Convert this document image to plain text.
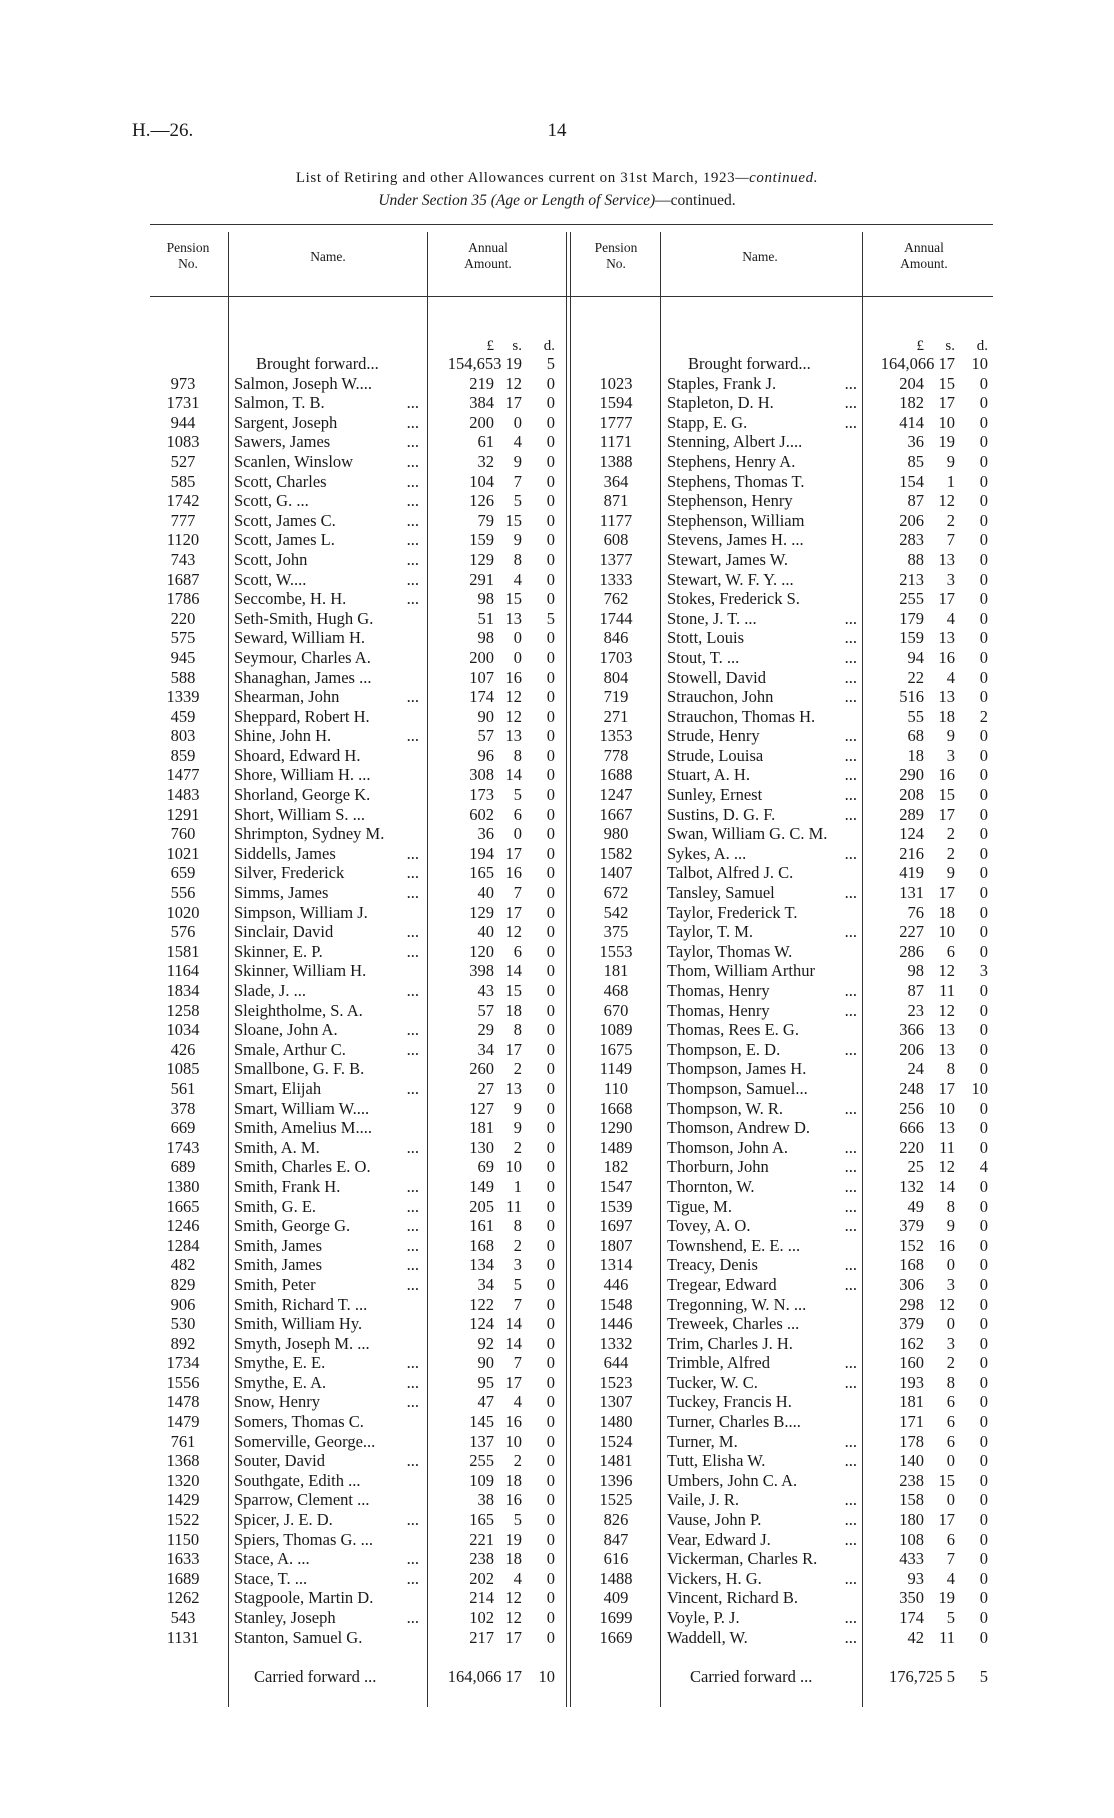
H.—26.	14
List of Retiring and other Allowances current on 31st March, 1923—continued.
Under Section 35 (Age or Length of Service)—continued.
Pension
No.	Name.
Annual
Amount.
Pension
No.	Name.
Annual
Amount.
£	s.	d.	£	s.	d.
Brought forward...	154,653 19	5	Brought forward...	164,066 17	10
973	Salmon, Joseph W....	219 12	0	1023	Staples, Frank J.	...	204 15	0
1731	Salmon, T. B.	...	384 17	0	1594	Stapleton, D. H.	...	182 17	0
944	Sargent, Joseph	...	200	0	0	1777	Stapp, E. G.	...	414 10	0
1083	Sawers, James	...	61	4	0	1171	Stenning, Albert J....	36 19	0
527	Scanlen, Winslow	...	32	9	0	1388	Stephens, Henry A.	85	9	0
585	Scott, Charles	...	104	7	0	364	Stephens, Thomas T.	154	1	0
1742	Scott, G. ...	...	126	5	0	871	Stephenson, Henry	87 12	0
777	Scott, James C.	...	79 15	0	1177	Stephenson, William	206	2	0
1120	Scott, James L.	...	159	9	0	608	Stevens, James H. ...	283	7	0
743	Scott, John	...	129	8	0	1377	Stewart, James W.	88 13	0
1687	Scott, W....	...	291	4	0	1333	Stewart, W. F. Y. ...	213	3	0
1786	Seccombe, H. H.	...	98 15	0	762	Stokes, Frederick S.	255 17	0
220	Seth-Smith, Hugh G.	51 13	5	1744	Stone, J. T. ...	...	179	4	0
575	Seward, William H.	98	0	0	846	Stott, Louis	...	159 13	0
945	Seymour, Charles A.	200	0	0	1703	Stout, T. ...	...	94 16	0
588	Shanaghan, James ...	107 16	0	804	Stowell, David	...	22	4	0
1339	Shearman, John	...	174 12	0	719	Strauchon, John	...	516 13	0
459	Sheppard, Robert H.	90 12	0	271	Strauchon, Thomas H.	55 18	2
803	Shine, John H.	...	57 13	0	1353	Strude, Henry	...	68	9	0
859	Shoard, Edward H.	96	8	0	778	Strude, Louisa	...	18	3	0
1477	Shore, William H. ...	308 14	0	1688	Stuart, A. H.	...	290 16	0
1483	Shorland, George K.	173	5	0	1247	Sunley, Ernest	...	208 15	0
1291	Short, William S. ...	602	6	0	1667	Sustins, D. G. F.	...	289 17	0
760	Shrimpton, Sydney M.	36	0	0	980	Swan, William G. C. M.	124	2	0
1021	Siddells, James	...	194 17	0	1582	Sykes, A. ...	...	216	2	0
659	Silver, Frederick	...	165 16	0	1407	Talbot, Alfred J. C.	419	9	0
556	Simms, James	...	40	7	0	672	Tansley, Samuel	...	131 17	0
1020	Simpson, William J.	129 17	0	542	Taylor, Frederick T.	76 18	0
576	Sinclair, David	...	40 12	0	375	Taylor, T. M.	...	227 10	0
1581	Skinner, E. P.	...	120	6	0	1553	Taylor, Thomas W.	286	6	0
1164	Skinner, William H.	398 14	0	181	Thom, William Arthur	98 12	3
1834	Slade, J. ...	...	43 15	0	468	Thomas, Henry	...	87 11	0
1258	Sleightholme, S. A.	57 18	0	670	Thomas, Henry	...	23 12	0
1034	Sloane, John A.	...	29	8	0	1089	Thomas, Rees E. G.	366 13	0
426	Smale, Arthur C.	...	34 17	0	1675	Thompson, E. D.	...	206 13	0
1085	Smallbone, G. F. B.	260	2	0	1149	Thompson, James H.	24	8	0
561	Smart, Elijah	...	27 13	0	110	Thompson, Samuel...	248 17	10
378	Smart, William W....	127	9	0	1668	Thompson, W. R.	...	256 10	0
669	Smith, Amelius M....	181	9	0	1290	Thomson, Andrew D.	666 13	0
1743	Smith, A. M.	...	130	2	0	1489	Thomson, John A.	...	220 11	0
689	Smith, Charles E. O.	69 10	0	182	Thorburn, John	...	25 12	4
1380	Smith, Frank H.	...	149	1	0	1547	Thornton, W.	...	132 14	0
1665	Smith, G. E.	...	205 11	0	1539	Tigue, M.	...	49	8	0
1246	Smith, George G.	...	161	8	0	1697	Tovey, A. O.	...	379	9	0
1284	Smith, James	...	168	2	0	1807	Townshend, E. E. ...	152 16	0
482	Smith, James	...	134	3	0	1314	Treacy, Denis	...	168	0	0
829	Smith, Peter	...	34	5	0	446	Tregear, Edward	...	306	3	0
906	Smith, Richard T. ...	122	7	0	1548	Tregonning, W. N. ...	298 12	0
530	Smith, William Hy.	124 14	0	1446	Treweek, Charles ...	379	0	0
892	Smyth, Joseph M. ...	92 14	0	1332	Trim, Charles J. H.	162	3	0
1734	Smythe, E. E.	...	90	7	0	644	Trimble, Alfred	...	160	2	0
1556	Smythe, E. A.	...	95 17	0	1523	Tucker, W. C.	...	193	8	0
1478	Snow, Henry	...	47	4	0	1307	Tuckey, Francis H.	181	6	0
1479	Somers, Thomas C.	145 16	0	1480	Turner, Charles B....	171	6	0
761	Somerville, George...	137 10	0	1524	Turner, M.	...	178	6	0
1368	Souter, David	...	255	2	0	1481	Tutt, Elisha W.	...	140	0	0
1320	Southgate, Edith ...	109 18	0	1396	Umbers, John C. A.	238 15	0
1429	Sparrow, Clement ...	38 16	0	1525	Vaile, J. R.	...	158	0	0
1522	Spicer, J. E. D.	...	165	5	0	826	Vause, John P.	...	180 17	0
1150	Spiers, Thomas G. ...	221 19	0	847	Vear, Edward J.	...	108	6	0
1633	Stace, A. ...	...	238 18	0	616	Vickerman, Charles R.	433	7	0
1689	Stace, T. ...	...	202	4	0	1488	Vickers, H. G.	...	93	4	0
1262	Stagpoole, Martin D.	214 12	0	409	Vincent, Richard B.	350 19	0
543	Stanley, Joseph	...	102 12	0	1699	Voyle, P. J.	...	174	5	0
1131	Stanton, Samuel G.	217 17	0	1669	Waddell, W.	...	42 11	0
Carried forward ...	164,066 17	10	Carried forward ...	176,725 5	5
